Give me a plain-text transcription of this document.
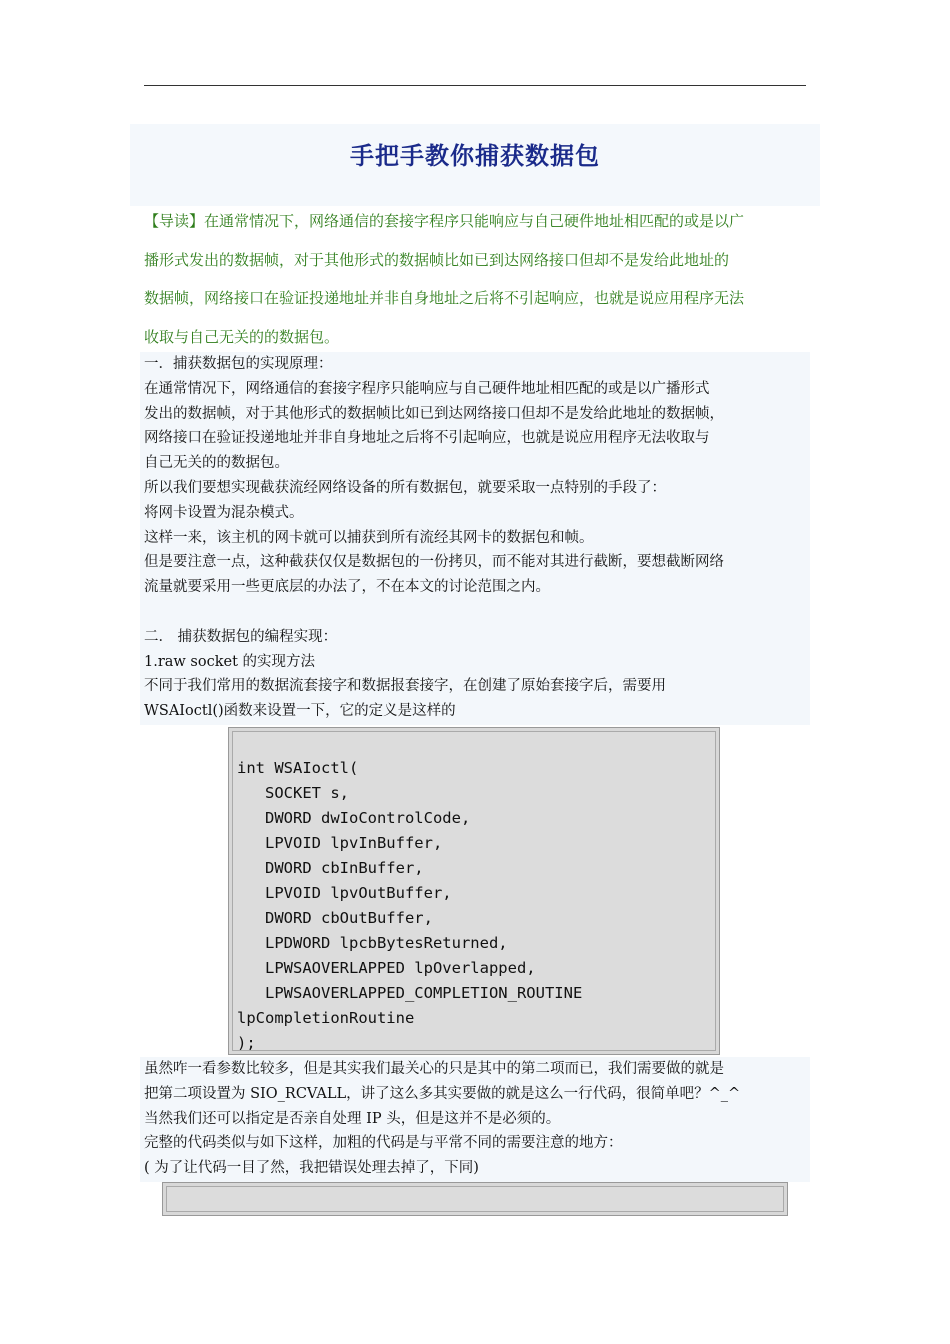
手把手教你捕获数据包
【导读】在通常情况下，网络通信的套接字程序只能响应与自己硬件地址相匹配的或是以广
播形式发出的数据帧，对于其他形式的数据帧比如已到达网络接口但却不是发给此地址的
数据帧，网络接口在验证投递地址并非自身地址之后将不引起响应，也就是说应用程序无法
收取与自己无关的的数据包。
一．捕获数据包的实现原理：
在通常情况下，网络通信的套接字程序只能响应与自己硬件地址相匹配的或是以广播形式
发出的数据帧，对于其他形式的数据帧比如已到达网络接口但却不是发给此地址的数据帧，
网络接口在验证投递地址并非自身地址之后将不引起响应，也就是说应用程序无法收取与
自己无关的的数据包。
所以我们要想实现截获流经网络设备的所有数据包，就要采取一点特别的手段了：
将网卡设置为混杂模式。
这样一来，该主机的网卡就可以捕获到所有流经其网卡的数据包和帧。
但是要注意一点，这种截获仅仅是数据包的一份拷贝，而不能对其进行截断，要想截断网络
流量就要采用一些更底层的办法了，不在本文的讨论范围之内。
二． 捕获数据包的编程实现：
1.raw socket 的实现方法
不同于我们常用的数据流套接字和数据报套接字，在创建了原始套接字后，需要用
WSAIoctl()函数来设置一下，它的定义是这样的
int WSAIoctl(
SOCKET s,
DWORD dwIoControlCode,
LPVOID lpvInBuffer,
DWORD cbInBuffer,
LPVOID lpvOutBuffer,
DWORD cbOutBuffer,
LPDWORD lpcbBytesReturned,
LPWSAOVERLAPPED lpOverlapped,
LPWSAOVERLAPPED_COMPLETION_ROUTINE
lpCompletionRoutine
);
虽然咋一看参数比较多，但是其实我们最关心的只是其中的第二项而已，我们需要做的就是
把第二项设置为 SIO_RCVALL，讲了这么多其实要做的就是这么一行代码，很简单吧？^_^
当然我们还可以指定是否亲自处理 IP 头，但是这并不是必须的。
完整的代码类似与如下这样，加粗的代码是与平常不同的需要注意的地方：
( 为了让代码一目了然，我把错误处理去掉了，下同)
